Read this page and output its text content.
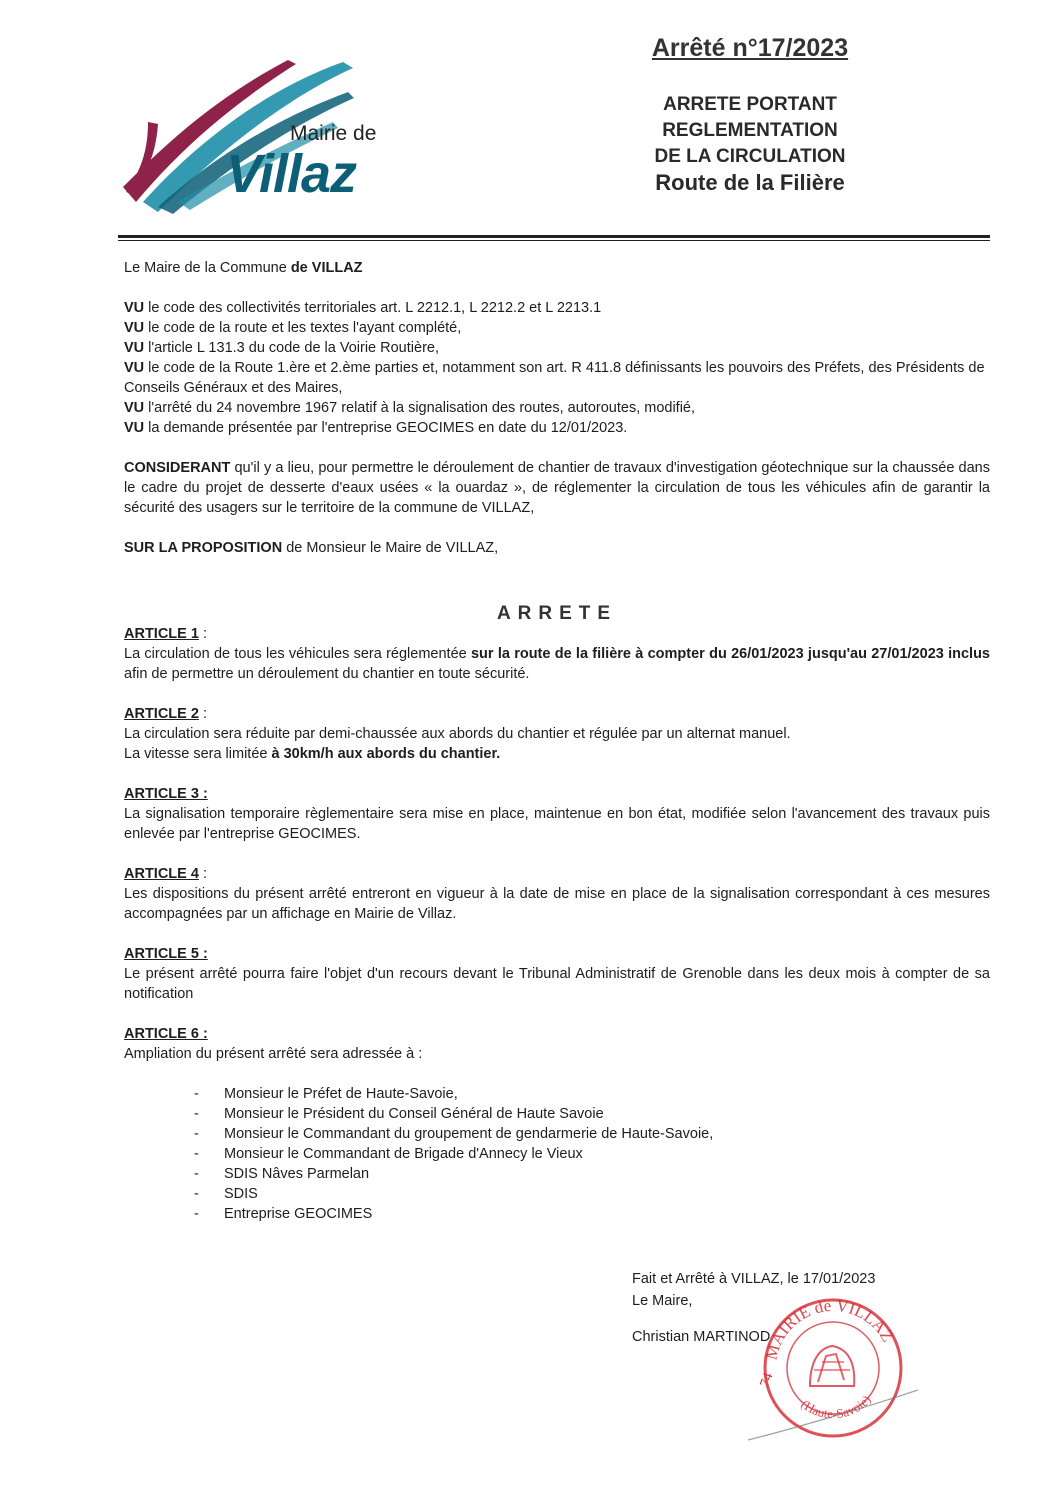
Mairie de
Villaz
Arrêté n°17/2023
ARRETE PORTANT
REGLEMENTATION
DE LA CIRCULATION
Route de la Filière

Le Maire de la Commune de VILLAZ

VU le code des collectivités territoriales art. L 2212.1, L 2212.2 et L 2213.1

VU le code de la route et les textes l'ayant complété,

VU l'article L 131.3 du code de la Voirie Routière,

VU le code de la Route 1.ère et 2.ème parties et, notamment son art. R 411.8 définissants les pouvoirs des Préfets, des Présidents de Conseils Généraux et des Maires,

VU l'arrêté du 24 novembre 1967 relatif à la signalisation des routes, autoroutes, modifié,

VU la demande présentée par l'entreprise GEOCIMES en date du 12/01/2023.

CONSIDERANT qu'il y a lieu, pour permettre le déroulement de chantier de travaux d'investigation géotechnique sur la chaussée dans le cadre du projet de desserte d'eaux usées « la ouardaz », de réglementer la circulation de tous les véhicules afin de garantir la sécurité des usagers sur le territoire de la commune de VILLAZ,

SUR LA PROPOSITION de Monsieur le Maire de VILLAZ,

ARRETE

ARTICLE 1 :

La circulation de tous les véhicules sera réglementée sur la route de la filière à compter du 26/01/2023 jusqu'au 27/01/2023 inclus afin de permettre un déroulement du chantier en toute sécurité.

ARTICLE 2 :

La circulation sera réduite par demi-chaussée aux abords du chantier et régulée par un alternat manuel.

La vitesse sera limitée à 30km/h aux abords du chantier.

ARTICLE 3 :

La signalisation temporaire règlementaire sera mise en place, maintenue en bon état, modifiée selon l'avancement des travaux puis enlevée par l'entreprise GEOCIMES.

ARTICLE 4 :

Les dispositions du présent arrêté entreront en vigueur à la date de mise en place de la signalisation correspondant à ces mesures accompagnées par un affichage en Mairie de Villaz.

ARTICLE 5 :

Le présent arrêté pourra faire l'objet d'un recours devant le Tribunal Administratif de Grenoble dans les deux mois à compter de sa notification

ARTICLE 6 :

Ampliation du présent arrêté sera adressée à :

- Monsieur le Préfet de Haute-Savoie,
- Monsieur le Président du Conseil Général de Haute Savoie
- Monsieur le Commandant du groupement de gendarmerie de Haute-Savoie,
- Monsieur le Commandant de Brigade d'Annecy le Vieux
- SDIS Nâves Parmelan
- SDIS
- Entreprise GEOCIMES
Fait et Arrêté à VILLAZ, le 17/01/2023
Le Maire,
Christian MARTINOD
MAIRIE de VILLAZ
(Haute-Savoie)
74
